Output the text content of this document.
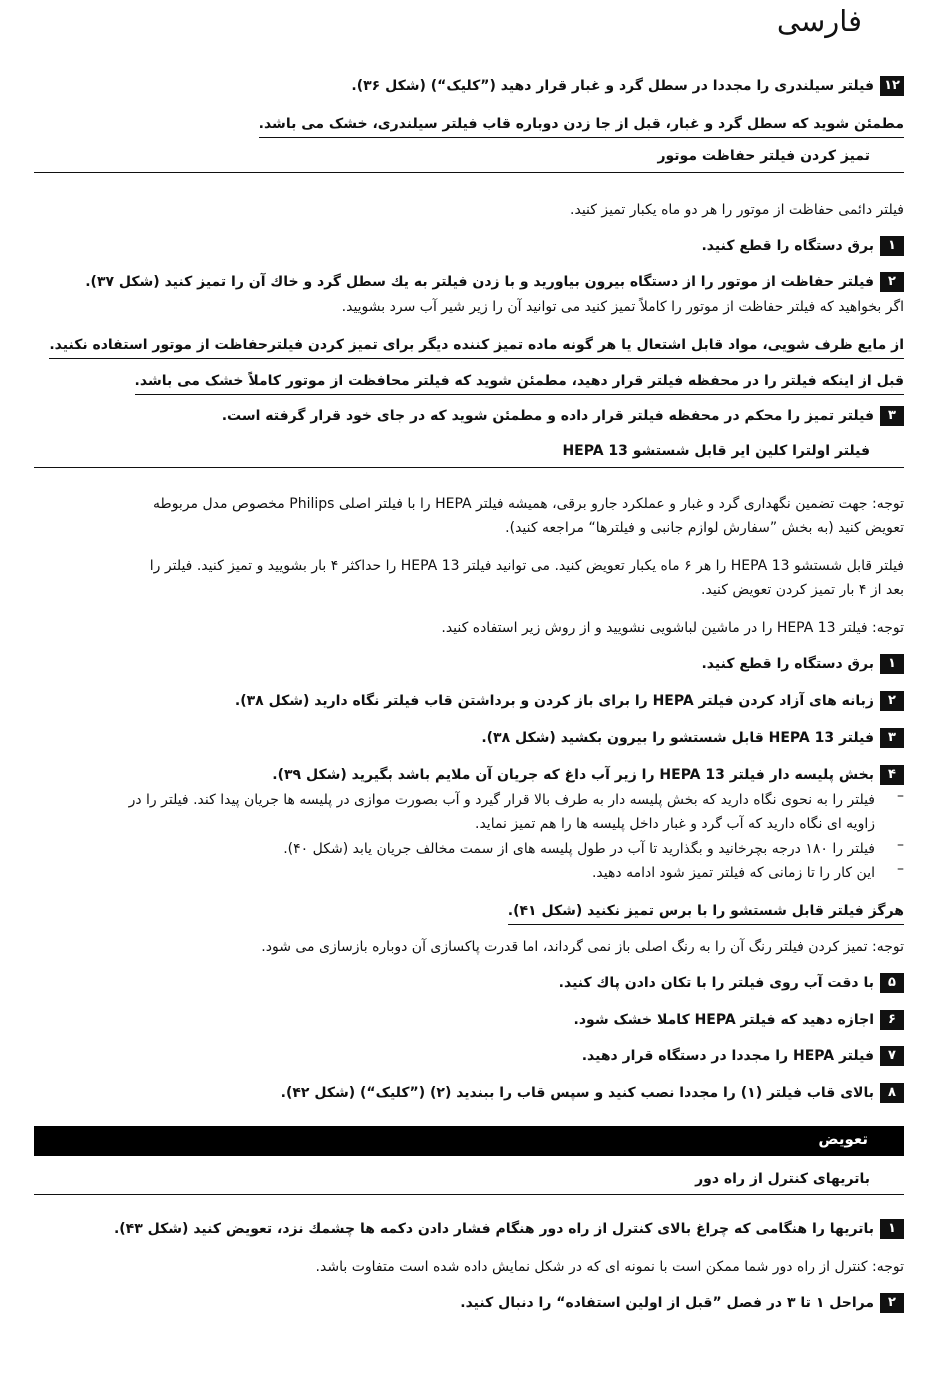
فارسی
۱۲فیلتر سیلندری را مجددا در سطل گرد و غبار قرار دهید (”کلیک“) (شکل ۳۶).
مطمئن شوید که سطل گرد و غبار، قبل از جا زدن دوباره قاب فیلتر سیلندری، خشک می باشد.
تمیز کردن فیلتر حفاظت موتور
فیلتر دائمی حفاظت از موتور را هر دو ماه یکبار تمیز کنید.
۱برق دستگاه را قطع کنید.
۲فیلتر حفاظت از موتور را از دستگاه بیرون بیاورید و با زدن فیلتر به یك سطل گرد و خاك آن را تمیز کنید (شکل ۳۷).
اگر بخواهید که فیلتر حفاظت از موتور را کاملاً تمیز کنید می توانید آن را زیر شیر آب سرد بشویید.
از مایع ظرف شویی، مواد قابل اشتعال یا هر گونه ماده تمیز کننده دیگر برای تمیز کردن فیلترحفاظت از موتور استفاده نکنید.
قبل از اینکه فیلتر را در محفظه فیلتر قرار دهید، مطمئن شوید که فیلتر محافظت از موتور کاملاً خشک می باشد.
۳فیلتر تمیز را محکم در محفظه فیلتر قرار داده و مطمئن شوید که در جای خود قرار گرفته است.
فیلتر اولترا کلین ایر قابل شستشو HEPA 13
توجه: جهت تضمین نگهداری گرد و غبار و عملکرد جارو برقی، همیشه فیلتر HEPA را با فیلتر اصلی Philips مخصوص مدل مربوطه
تعویض کنید (به بخش ”سفارش لوازم جانبی و فیلترها“ مراجعه کنید).
فیلتر قابل شستشو HEPA 13 را هر ۶ ماه یکبار تعویض کنید. می توانید فیلتر HEPA 13 را حداکثر ۴ بار بشویید و تمیز کنید. فیلتر را
بعد از ۴ بار تمیز کردن تعویض کنید.
توجه: فیلتر HEPA 13 را در ماشین لباشویی نشویید و از روش زیر استفاده کنید.
۱برق دستگاه را قطع کنید.
۲زبانه های آزاد کردن فیلتر HEPA را برای باز کردن و برداشتن قاب فیلتر نگاه دارید (شکل ۳۸).
۳فیلتر HEPA 13 قابل شستشو را بیرون بکشید (شکل ۳۸).
۴بخش پلیسه دار فیلتر HEPA 13 را زیر آب داغ که جریان آن ملایم باشد بگیرید (شکل ۳۹).
–
فیلتر را به نحوی نگاه دارید که بخش پلیسه دار به طرف بالا قرار گیرد و آب بصورت موازی در پلیسه ها جریان پیدا کند. فیلتر را در
زاویه ای نگاه دارید که آب گرد و غبار داخل پلیسه ها را هم تمیز نماید.
–
فیلتر را ۱۸۰ درجه بچرخانید و بگذارید تا آب در طول پلیسه های از سمت مخالف جریان یابد (شکل ۴۰).
–
این کار را تا زمانی که فیلتر تمیز شود ادامه دهید.
هرگز فیلتر قابل شستشو را با برس تمیز نکنید (شکل ۴۱).
توجه: تمیز کردن فیلتر رنگ آن را به رنگ اصلی باز نمی گرداند، اما قدرت پاکسازی آن دوباره بازسازی می شود.
۵با دقت آب روی فیلتر را با تکان دادن پاك کنید.
۶اجازه دهید که فیلتر HEPA کاملا خشک شود.
۷فیلتر HEPA را مجددا در دستگاه قرار دهید.
۸بالای قاب فیلتر (۱) را مجددا نصب کنید و سپس قاب را ببندید (۲) (”کلیک“) (شکل ۴۲).
تعویض
باتریهای کنترل از راه دور
۱باتریها را هنگامی که چراغ بالای کنترل از راه دور هنگام فشار دادن دکمه ها چشمك نزد، تعویض کنید (شکل ۴۳).
توجه: کنترل از راه دور شما ممکن است با نمونه ای که در شکل نمایش داده شده است متفاوت باشد.
۲مراحل ۱ تا ۳ در فصل ”قبل از اولین استفاده“ را دنبال کنید.
